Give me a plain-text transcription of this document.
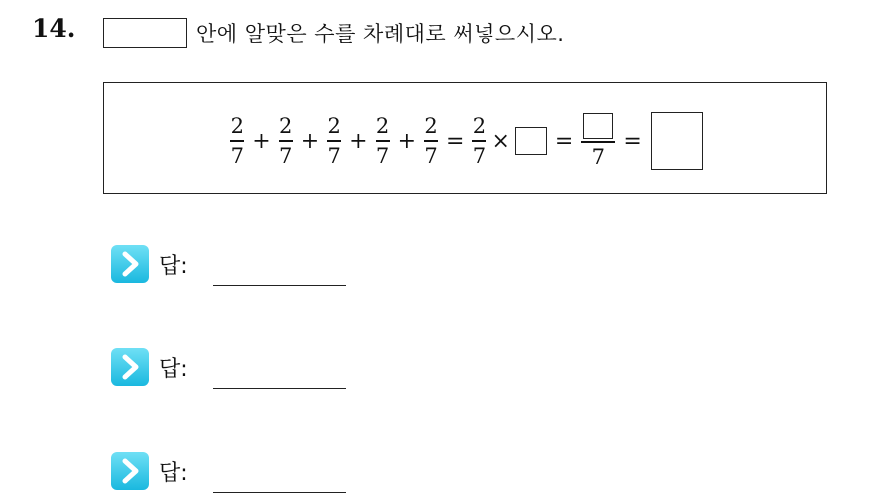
14.	안에 알맞은 수를 차례대로 써넣으시오.
$\frac{2}{7} + \frac{2}{7} + \frac{2}{7} + \frac{2}{7} + \frac{2}{7} = \frac{2}{7}$ × =
7
=
답:
답:
답:
